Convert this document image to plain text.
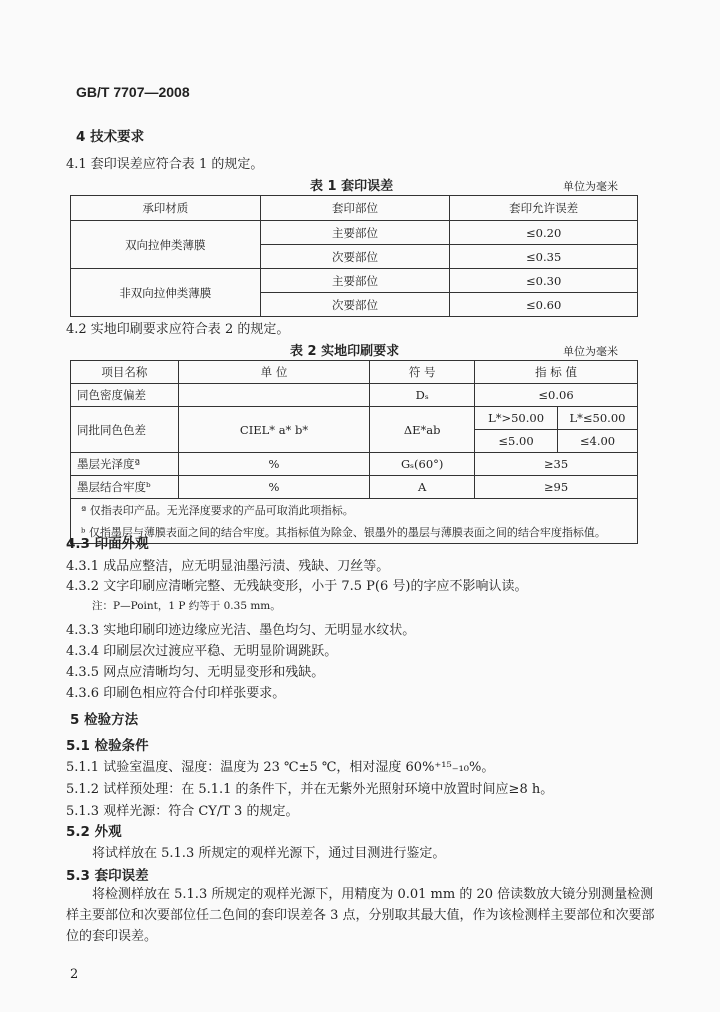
GB/T 7707—2008
4 技术要求
4.1 套印误差应符合表 1 的规定。
表 1 套印误差	单位为毫米
承印材质	套印部位	套印允许误差
双向拉伸类薄膜	主要部位	≤0.20
	次要部位	≤0.35
非双向拉伸类薄膜	主要部位	≤0.30
	次要部位	≤0.60
4.2 实地印刷要求应符合表 2 的规定。
表 2 实地印刷要求	单位为毫米
项目名称	单 位	符 号	指 标 值	
同色密度偏差		Dₛ	≤0.06	
同批同色色差	CIEL* a* b*	ΔE*ab	L*>50.00	L*≤50.00
			≤5.00	≤4.00
墨层光泽度ª	%	Gₛ(60°)	≥35	
墨层结合牢度ᵇ	%	A	≥95	
ª 仅指表印产品。无光泽度要求的产品可取消此项指标。				
ᵇ 仅指墨层与薄膜表面之间的结合牢度。其指标值为除金、银墨外的墨层与薄膜表面之间的结合牢度指标值。				
4.3 印面外观
4.3.1 成品应整洁，应无明显油墨污渍、残缺、刀丝等。
4.3.2 文字印刷应清晰完整、无残缺变形，小于 7.5 P(6 号)的字应不影响认读。
注：P—Point，1 P 约等于 0.35 mm。
4.3.3 实地印刷印迹边缘应光洁、墨色均匀、无明显水纹状。
4.3.4 印刷层次过渡应平稳、无明显阶调跳跃。
4.3.5 网点应清晰均匀、无明显变形和残缺。
4.3.6 印刷色相应符合付印样张要求。
5 检验方法
5.1 检验条件
5.1.1 试验室温度、湿度：温度为 23 ℃±5 ℃，相对湿度 60%⁺¹⁵₋₁₀%。
5.1.2 试样预处理：在 5.1.1 的条件下，并在无紫外光照射环境中放置时间应≥8 h。
5.1.3 观样光源：符合 CY/T 3 的规定。
5.2 外观
将试样放在 5.1.3 所规定的观样光源下，通过目测进行鉴定。
5.3 套印误差
将检测样放在 5.1.3 所规定的观样光源下，用精度为 0.01 mm 的 20 倍读数放大镜分别测量检测
样主要部位和次要部位任二色间的套印误差各 3 点，分别取其最大值，作为该检测样主要部位和次要部
位的套印误差。
2
